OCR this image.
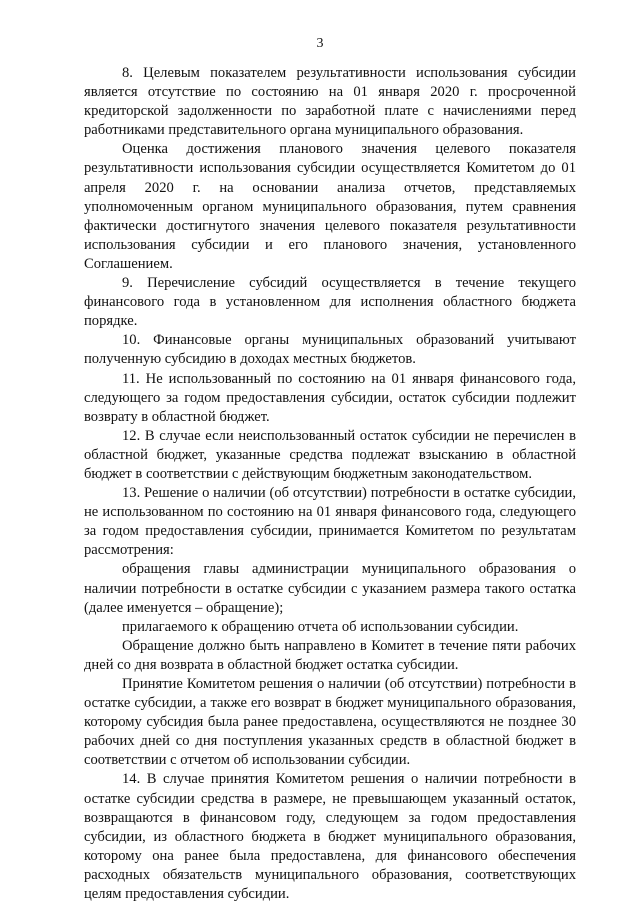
3

8. Целевым показателем результативности использования субсидии является отсутствие по состоянию на 01 января 2020 г. просроченной кредиторской задолженности по заработной плате с начислениями перед работниками представительного органа муниципального образования.

Оценка достижения планового значения целевого показателя результативности использования субсидии осуществляется Комитетом до 01 апреля 2020 г. на основании анализа отчетов, представляемых уполномоченным органом муниципального образования, путем сравнения фактически достигнутого значения целевого показателя результативности использования субсидии и его планового значения, установленного Соглашением.

9. Перечисление субсидий осуществляется в течение текущего финансового года в установленном для исполнения областного бюджета порядке.

10. Финансовые органы муниципальных образований учитывают полученную субсидию в доходах местных бюджетов.

11. Не использованный по состоянию на 01 января финансового года, следующего за годом предоставления субсидии, остаток субсидии подлежит возврату в областной бюджет.

12. В случае если неиспользованный остаток субсидии не перечислен в областной бюджет, указанные средства подлежат взысканию в областной бюджет в соответствии с действующим бюджетным законодательством.

13. Решение о наличии (об отсутствии) потребности в остатке субсидии, не использованном по состоянию на 01 января финансового года, следующего за годом предоставления субсидии, принимается Комитетом по результатам рассмотрения:

обращения главы администрации муниципального образования о наличии потребности в остатке субсидии с указанием размера такого остатка (далее именуется – обращение);

прилагаемого к обращению отчета об использовании субсидии.

Обращение должно быть направлено в Комитет в течение пяти рабочих дней со дня возврата в областной бюджет остатка субсидии.

Принятие Комитетом решения о наличии (об отсутствии) потребности в остатке субсидии, а также его возврат в бюджет муниципального образования, которому субсидия была ранее предоставлена, осуществляются не позднее 30 рабочих дней со дня поступления указанных средств в областной бюджет в соответствии с отчетом об использовании субсидии.

14. В случае принятия Комитетом решения о наличии потребности в остатке субсидии средства в размере, не превышающем указанный остаток, возвращаются в финансовом году, следующем за годом предоставления субсидии, из областного бюджета в бюджет муниципального образования, которому она ранее была предоставлена, для финансового обеспечения расходных обязательств муниципального образования, соответствующих целям предоставления субсидии.
